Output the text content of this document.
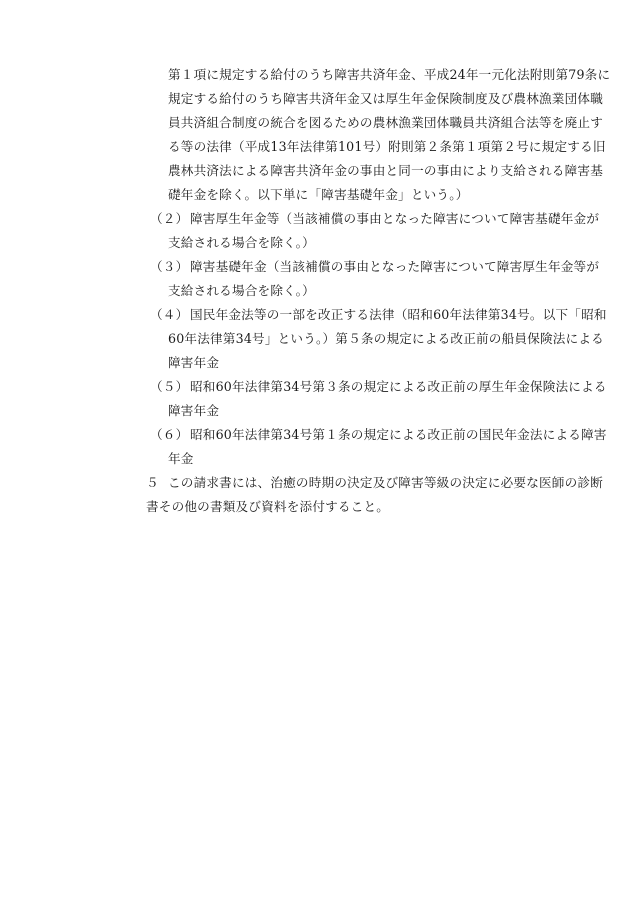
第１項に規定する給付のうち障害共済年金、平成24年一元化法附則第79条に
規定する給付のうち障害共済年金又は厚生年金保険制度及び農林漁業団体職
員共済組合制度の統合を図るための農林漁業団体職員共済組合法等を廃止す
る等の法律（平成13年法律第101号）附則第２条第１項第２号に規定する旧
農林共済法による障害共済年金の事由と同一の事由により支給される障害基
礎年金を除く。以下単に「障害基礎年金」という。）
（２） 障害厚生年金等（当該補償の事由となった障害について障害基礎年金が
支給される場合を除く。）
（３） 障害基礎年金（当該補償の事由となった障害について障害厚生年金等が
支給される場合を除く。）
（４） 国民年金法等の一部を改正する法律（昭和60年法律第34号。以下「昭和
60年法律第34号」という。）第５条の規定による改正前の船員保険法による
障害年金
（５） 昭和60年法律第34号第３条の規定による改正前の厚生年金保険法による
障害年金
（６） 昭和60年法律第34号第１条の規定による改正前の国民年金法による障害
年金
５ この請求書には、治癒の時期の決定及び障害等級の決定に必要な医師の診断
書その他の書類及び資料を添付すること。
